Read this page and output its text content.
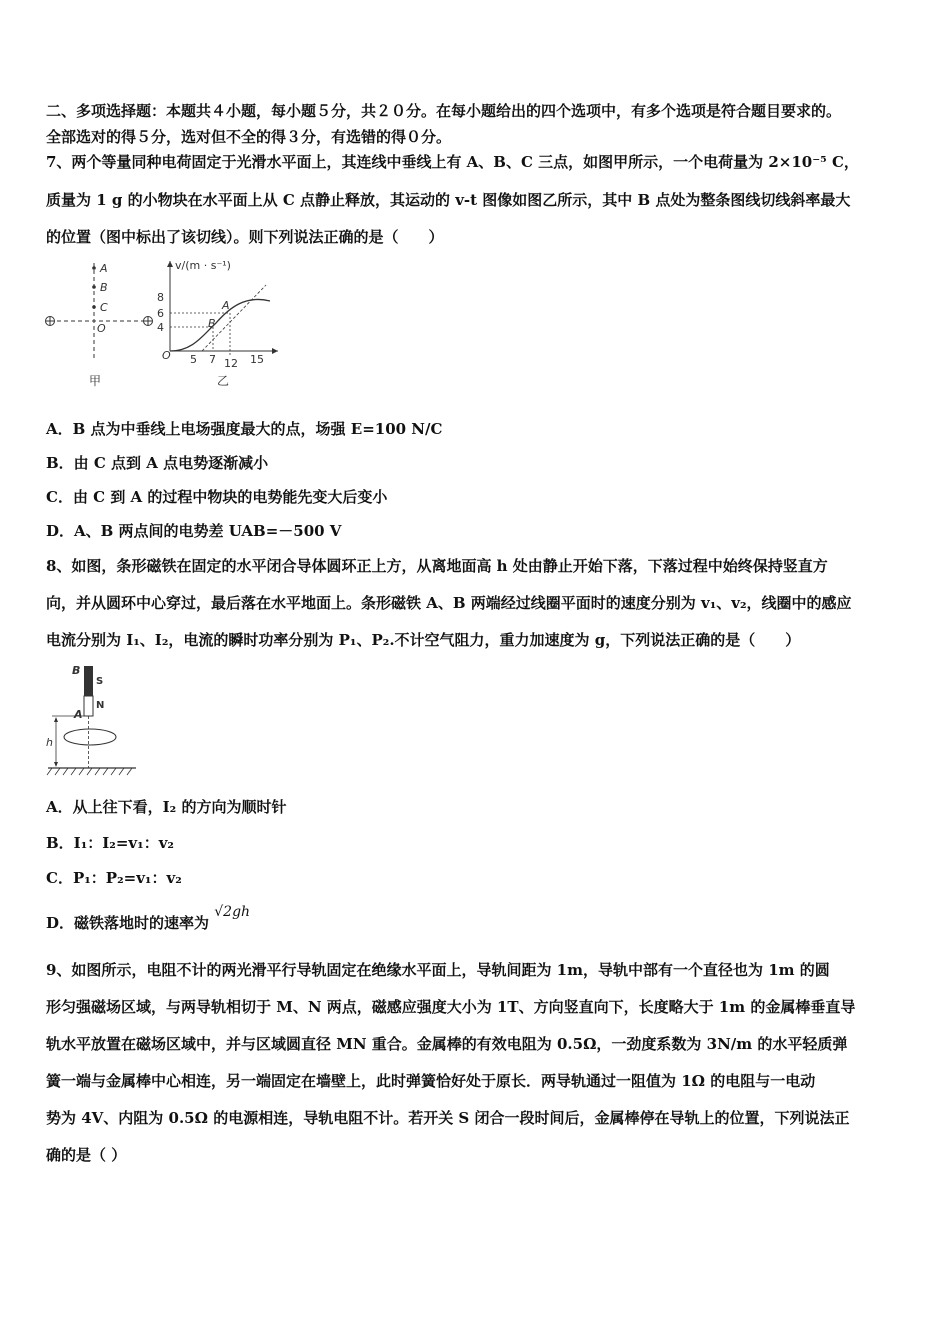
二、多项选择题：本题共４小题，每小题５分，共２０分。在每小题给出的四个选项中，有多个选项是符合题目要求的。
全部选对的得５分，选对但不全的得３分，有选错的得０分。
7、两个等量同种电荷固定于光滑水平面上，其连线中垂线上有 A、B、C 三点，如图甲所示，一个电荷量为 2×10⁻⁵ C，
质量为 1 g 的小物块在水平面上从 C 点静止释放，其运动的 v-t 图像如图乙所示，其中 B 点处为整条图线切线斜率最大
的位置（图中标出了该切线）。则下列说法正确的是（　　）
A
B
C
O
甲
v/(m · s⁻¹)
8
6
4
O 5 7 12 15
A
B
乙
A．B 点为中垂线上电场强度最大的点，场强 E=100 N/C
B．由 C 点到 A 点电势逐渐减小
C．由 C 到 A 的过程中物块的电势能先变大后变小
D．A、B 两点间的电势差 UAB=－500 V
8、如图，条形磁铁在固定的水平闭合导体圆环正上方，从离地面高 h 处由静止开始下落，下落过程中始终保持竖直方
向，并从圆环中心穿过，最后落在水平地面上。条形磁铁 A、B 两端经过线圈平面时的速度分别为 v₁、v₂，线圈中的感应
电流分别为 I₁、I₂，电流的瞬时功率分别为 P₁、P₂.不计空气阻力，重力加速度为 g，下列说法正确的是（　　）
B
S
N
A
h
A．从上往下看，I₂ 的方向为顺时针
B．I₁：I₂=v₁：v₂
C．P₁：P₂=v₁：v₂
D．磁铁落地时的速率为 √2gh
9、如图所示，电阻不计的两光滑平行导轨固定在绝缘水平面上，导轨间距为 1m，导轨中部有一个直径也为 1m 的圆
形匀强磁场区域，与两导轨相切于 M、N 两点，磁感应强度大小为 1T、方向竖直向下，长度略大于 1m 的金属棒垂直导
轨水平放置在磁场区域中，并与区域圆直径 MN 重合。金属棒的有效电阻为 0.5Ω，一劲度系数为 3N/m 的水平轻质弹
簧一端与金属棒中心相连，另一端固定在墙壁上，此时弹簧恰好处于原长．两导轨通过一阻值为 1Ω 的电阻与一电动
势为 4V、内阻为 0.5Ω 的电源相连，导轨电阻不计。若开关 S 闭合一段时间后，金属棒停在导轨上的位置，下列说法正
确的是（ ）
